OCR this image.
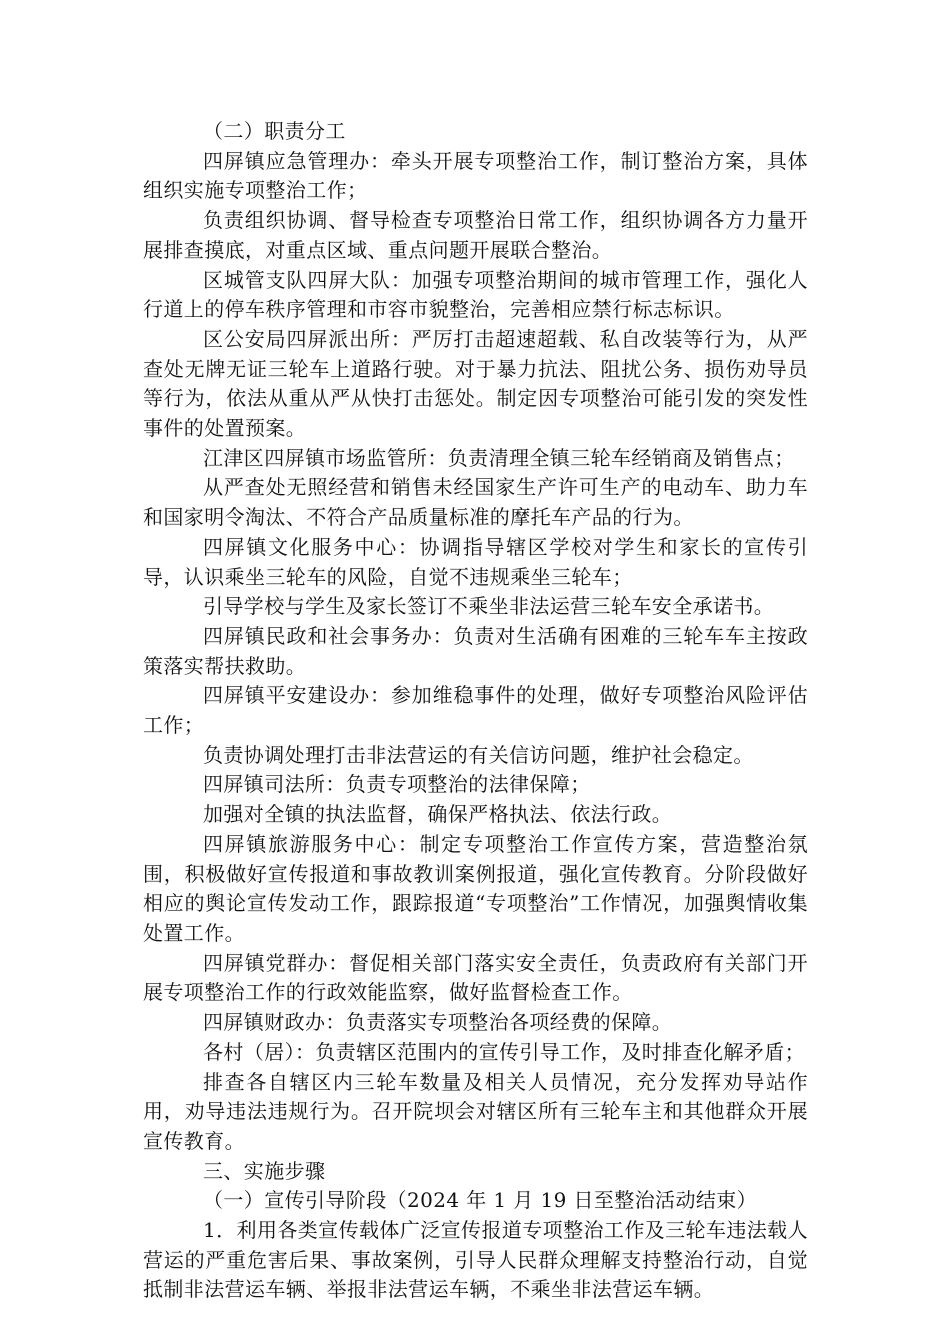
（二）职责分工

四屏镇应急管理办：牵头开展专项整治工作，制订整治方案，具体组织实施专项整治工作；

负责组织协调、督导检查专项整治日常工作，组织协调各方力量开展排查摸底，对重点区域、重点问题开展联合整治。

区城管支队四屏大队：加强专项整治期间的城市管理工作，强化人行道上的停车秩序管理和市容市貌整治，完善相应禁行标志标识。

区公安局四屏派出所：严厉打击超速超载、私自改装等行为，从严查处无牌无证三轮车上道路行驶。对于暴力抗法、阻扰公务、损伤劝导员等行为，依法从重从严从快打击惩处。制定因专项整治可能引发的突发性事件的处置预案。

江津区四屏镇市场监管所：负责清理全镇三轮车经销商及销售点；

从严查处无照经营和销售未经国家生产许可生产的电动车、助力车和国家明令淘汰、不符合产品质量标准的摩托车产品的行为。

四屏镇文化服务中心：协调指导辖区学校对学生和家长的宣传引导，认识乘坐三轮车的风险，自觉不违规乘坐三轮车；

引导学校与学生及家长签订不乘坐非法运营三轮车安全承诺书。

四屏镇民政和社会事务办：负责对生活确有困难的三轮车车主按政策落实帮扶救助。

四屏镇平安建设办：参加维稳事件的处理，做好专项整治风险评估工作；

负责协调处理打击非法营运的有关信访问题，维护社会稳定。

四屏镇司法所：负责专项整治的法律保障；

加强对全镇的执法监督，确保严格执法、依法行政。

四屏镇旅游服务中心：制定专项整治工作宣传方案，营造整治氛围，积极做好宣传报道和事故教训案例报道，强化宣传教育。分阶段做好相应的舆论宣传发动工作，跟踪报道“专项整治”工作情况，加强舆情收集处置工作。

四屏镇党群办：督促相关部门落实安全责任，负责政府有关部门开展专项整治工作的行政效能监察，做好监督检查工作。

四屏镇财政办：负责落实专项整治各项经费的保障。

各村（居）：负责辖区范围内的宣传引导工作，及时排查化解矛盾；

排查各自辖区内三轮车数量及相关人员情况，充分发挥劝导站作用，劝导违法违规行为。召开院坝会对辖区所有三轮车主和其他群众开展宣传教育。

三、实施步骤

（一）宣传引导阶段（2024 年 1 月 19 日至整治活动结束）

1．利用各类宣传载体广泛宣传报道专项整治工作及三轮车违法载人营运的严重危害后果、事故案例，引导人民群众理解支持整治行动，自觉抵制非法营运车辆、举报非法营运车辆，不乘坐非法营运车辆。
